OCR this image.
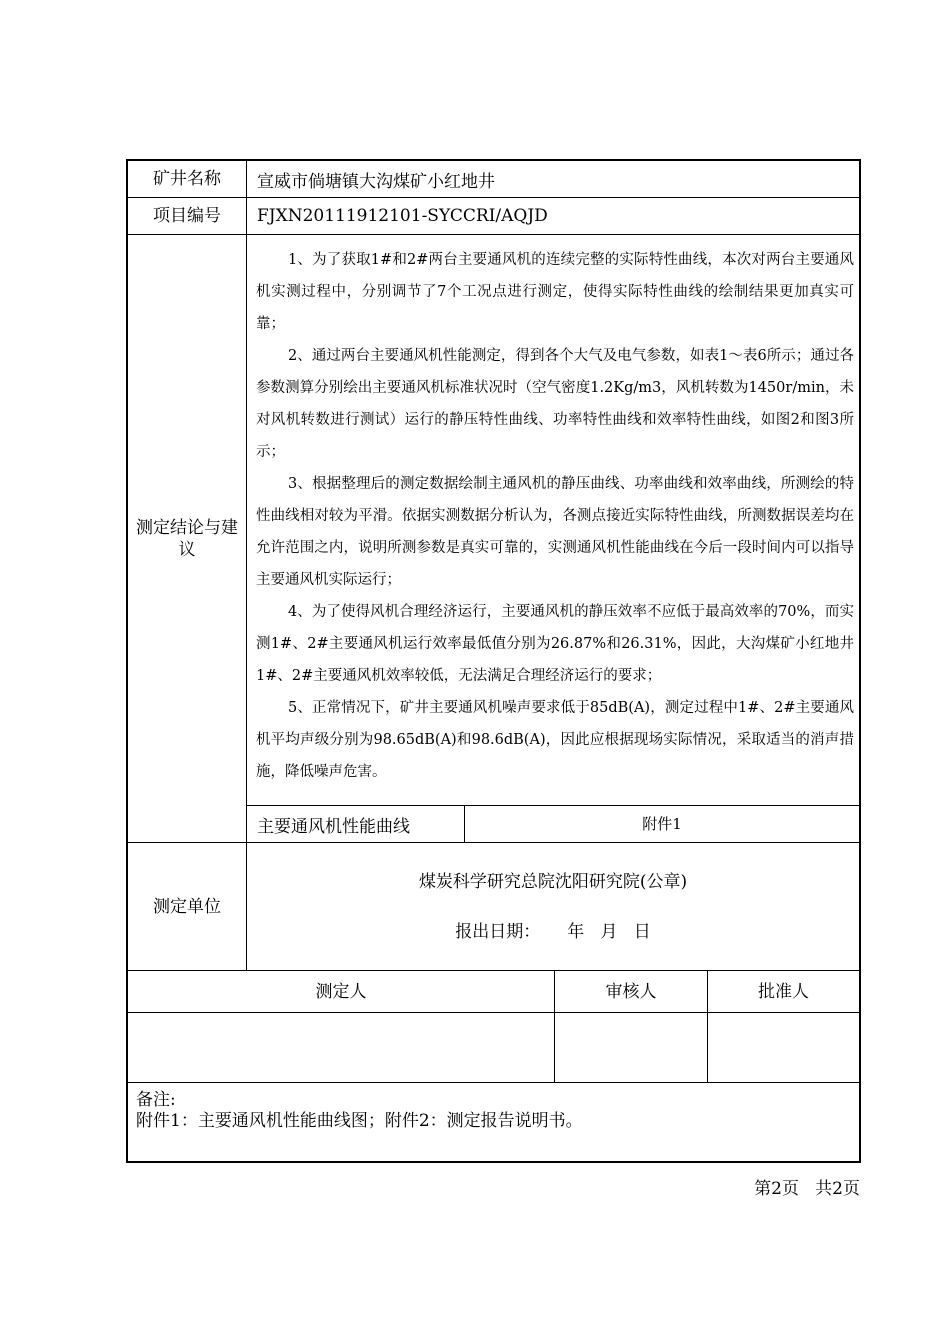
矿井名称	宣威市倘塘镇大沟煤矿小红地井
项目编号	FJXN20111912101-SYCCRI/AQJD
测定结论与建议

1、为了获取1#和2#两台主要通风机的连续完整的实际特性曲线，本次对两台主要通风机实测过程中，分别调节了7个工况点进行测定，使得实际特性曲线的绘制结果更加真实可靠；

2、通过两台主要通风机性能测定，得到各个大气及电气参数，如表1～表6所示；通过各参数测算分别绘出主要通风机标准状况时（空气密度1.2Kg/m3，风机转数为1450r/min，未对风机转数进行测试）运行的静压特性曲线、功率特性曲线和效率特性曲线，如图2和图3所示；

3、根据整理后的测定数据绘制主通风机的静压曲线、功率曲线和效率曲线，所测绘的特性曲线相对较为平滑。依据实测数据分析认为，各测点接近实际特性曲线，所测数据误差均在允许范围之内，说明所测参数是真实可靠的，实测通风机性能曲线在今后一段时间内可以指导主要通风机实际运行；

4、为了使得风机合理经济运行，主要通风机的静压效率不应低于最高效率的70%，而实测1#、2#主要通风机运行效率最低值分别为26.87%和26.31%，因此，大沟煤矿小红地井1#、2#主要通风机效率较低，无法满足合理经济运行的要求；

5、正常情况下，矿井主要通风机噪声要求低于85dB(A)，测定过程中1#、2#主要通风机平均声级分别为98.65dB(A)和98.6dB(A)，因此应根据现场实际情况，采取适当的消声措施，降低噪声危害。

主要通风机性能曲线	附件1
测定单位
煤炭科学研究总院沈阳研究院(公章)
报出日期：     年   月   日
测定人	审核人	批准人
备注:
附件1：主要通风机性能曲线图；附件2：测定报告说明书。
第2页   共2页
